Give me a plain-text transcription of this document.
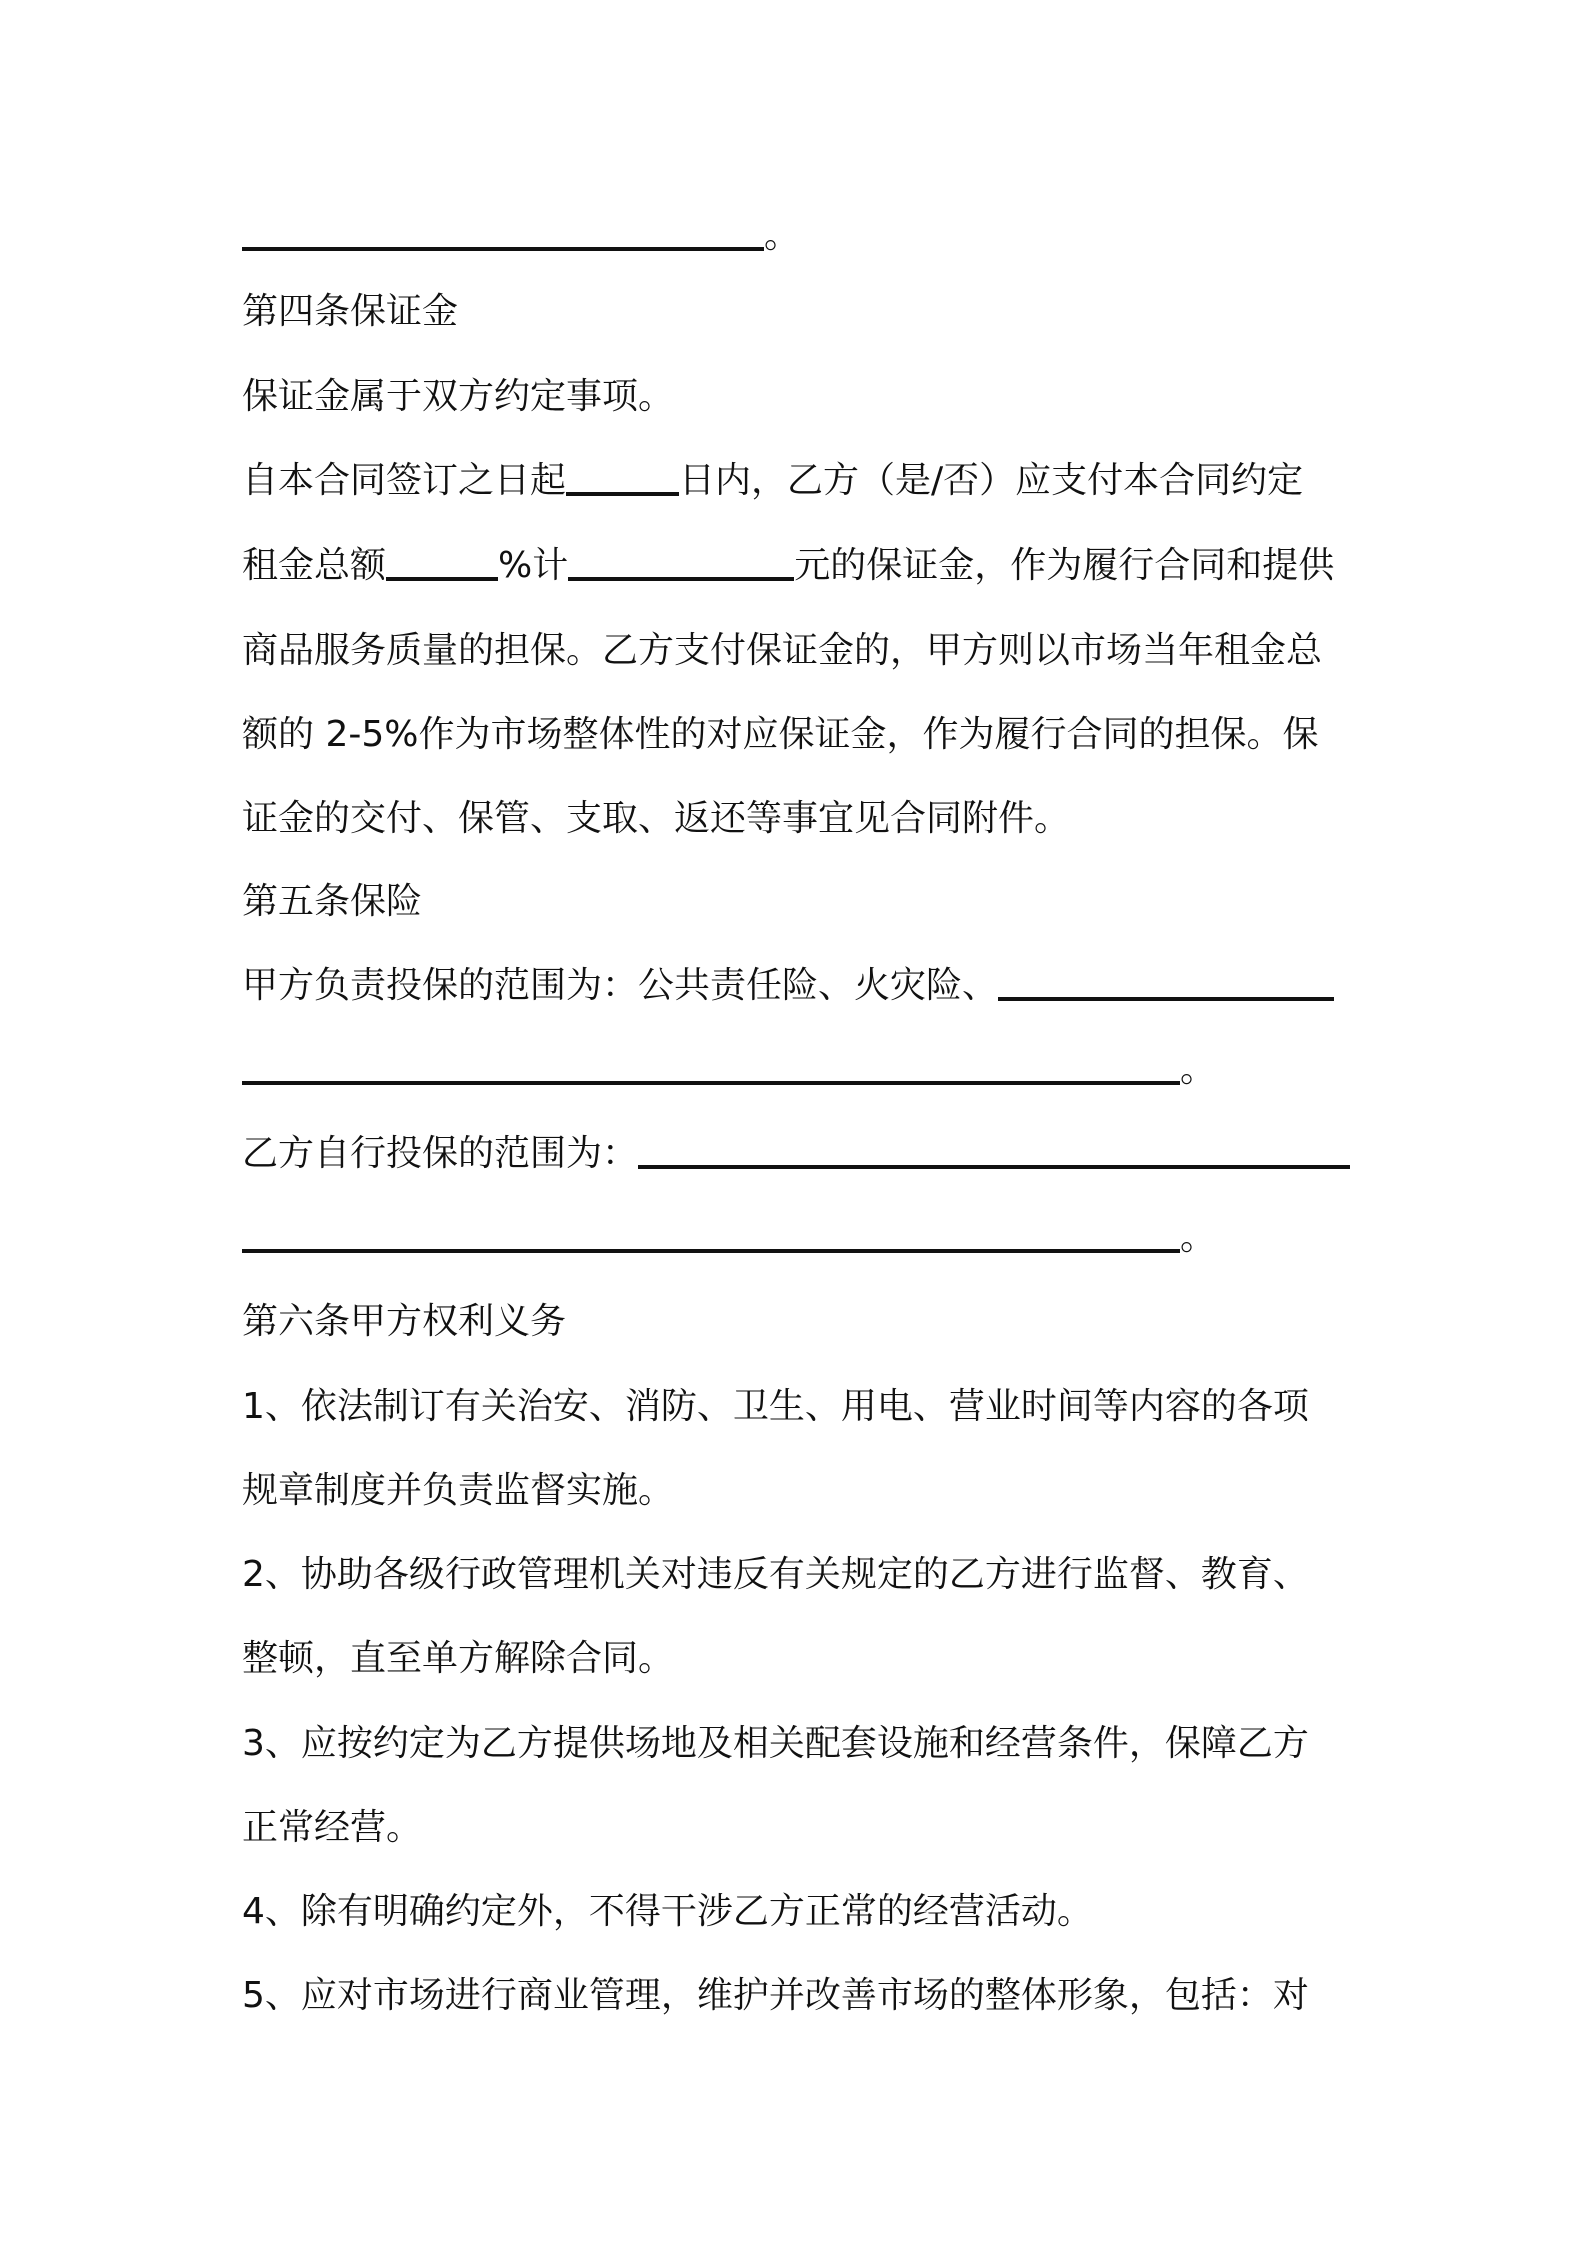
。
第四条保证金
保证金属于双方约定事项。
自本合同签订之日起	日内，乙方（是/否）应支付本合同约定
租金总额	%计	元的保证金，作为履行合同和提供
商品服务质量的担保。乙方支付保证金的，甲方则以市场当年租金总
额的 2-5%作为市场整体性的对应保证金，作为履行合同的担保。保
证金的交付、保管、支取、返还等事宜见合同附件。
第五条保险
甲方负责投保的范围为：公共责任险、火灾险、
。
乙方自行投保的范围为：
。
第六条甲方权利义务
1、依法制订有关治安、消防、卫生、用电、营业时间等内容的各项
规章制度并负责监督实施。
2、协助各级行政管理机关对违反有关规定的乙方进行监督、教育、
整顿，直至单方解除合同。
3、应按约定为乙方提供场地及相关配套设施和经营条件，保障乙方
正常经营。
4、除有明确约定外，不得干涉乙方正常的经营活动。
5、应对市场进行商业管理，维护并改善市场的整体形象，包括：对
